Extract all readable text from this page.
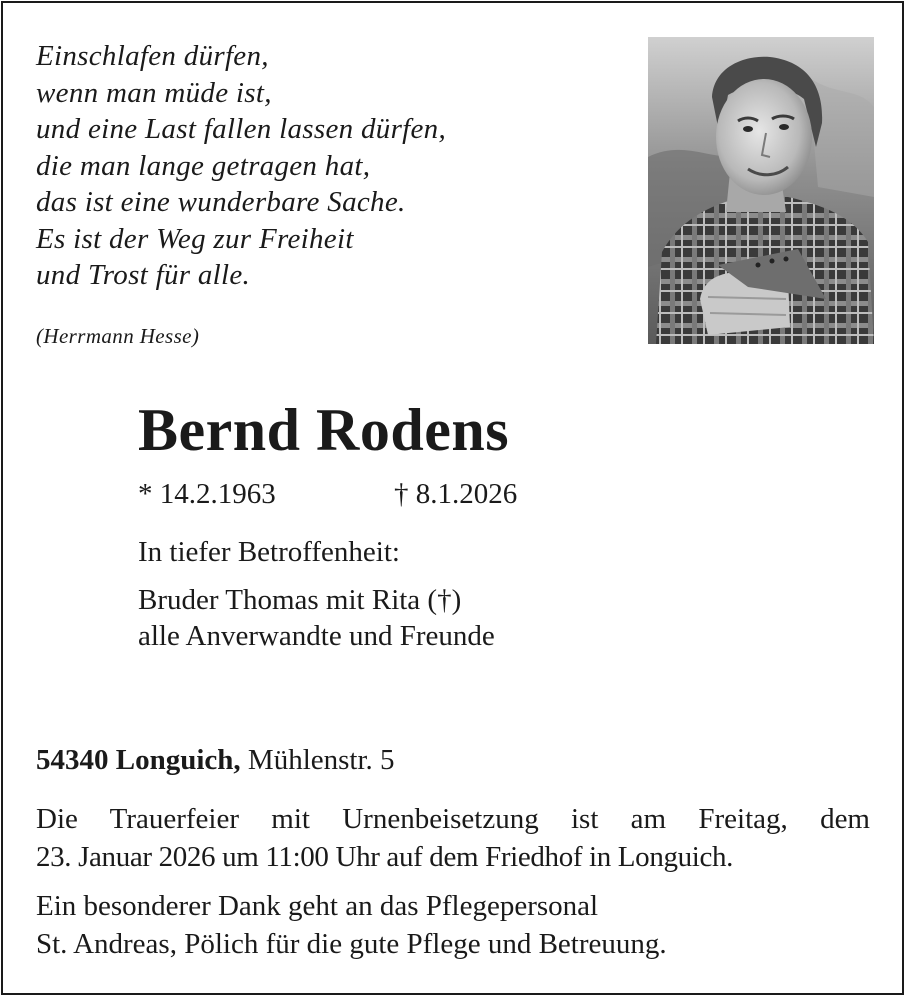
Einschlafen dürfen,
wenn man müde ist,
und eine Last fallen lassen dürfen,
die man lange getragen hat,
das ist eine wunderbare Sache.
Es ist der Weg zur Freiheit
und Trost für alle.
(Herrmann Hesse)
Bernd Rodens
* 14.2.1963	† 8.1.2026
In tiefer Betroffenheit:
Bruder Thomas mit Rita (†)
alle Anverwandte und Freunde
54340 Longuich, Mühlenstr. 5
Die Trauerfeier mit Urnenbeisetzung ist am Freitag, dem
23. Januar 2026 um 11:00 Uhr auf dem Friedhof in Longuich.
Ein besonderer Dank geht an das Pflegepersonal
St. Andreas, Pölich für die gute Pflege und Betreuung.
